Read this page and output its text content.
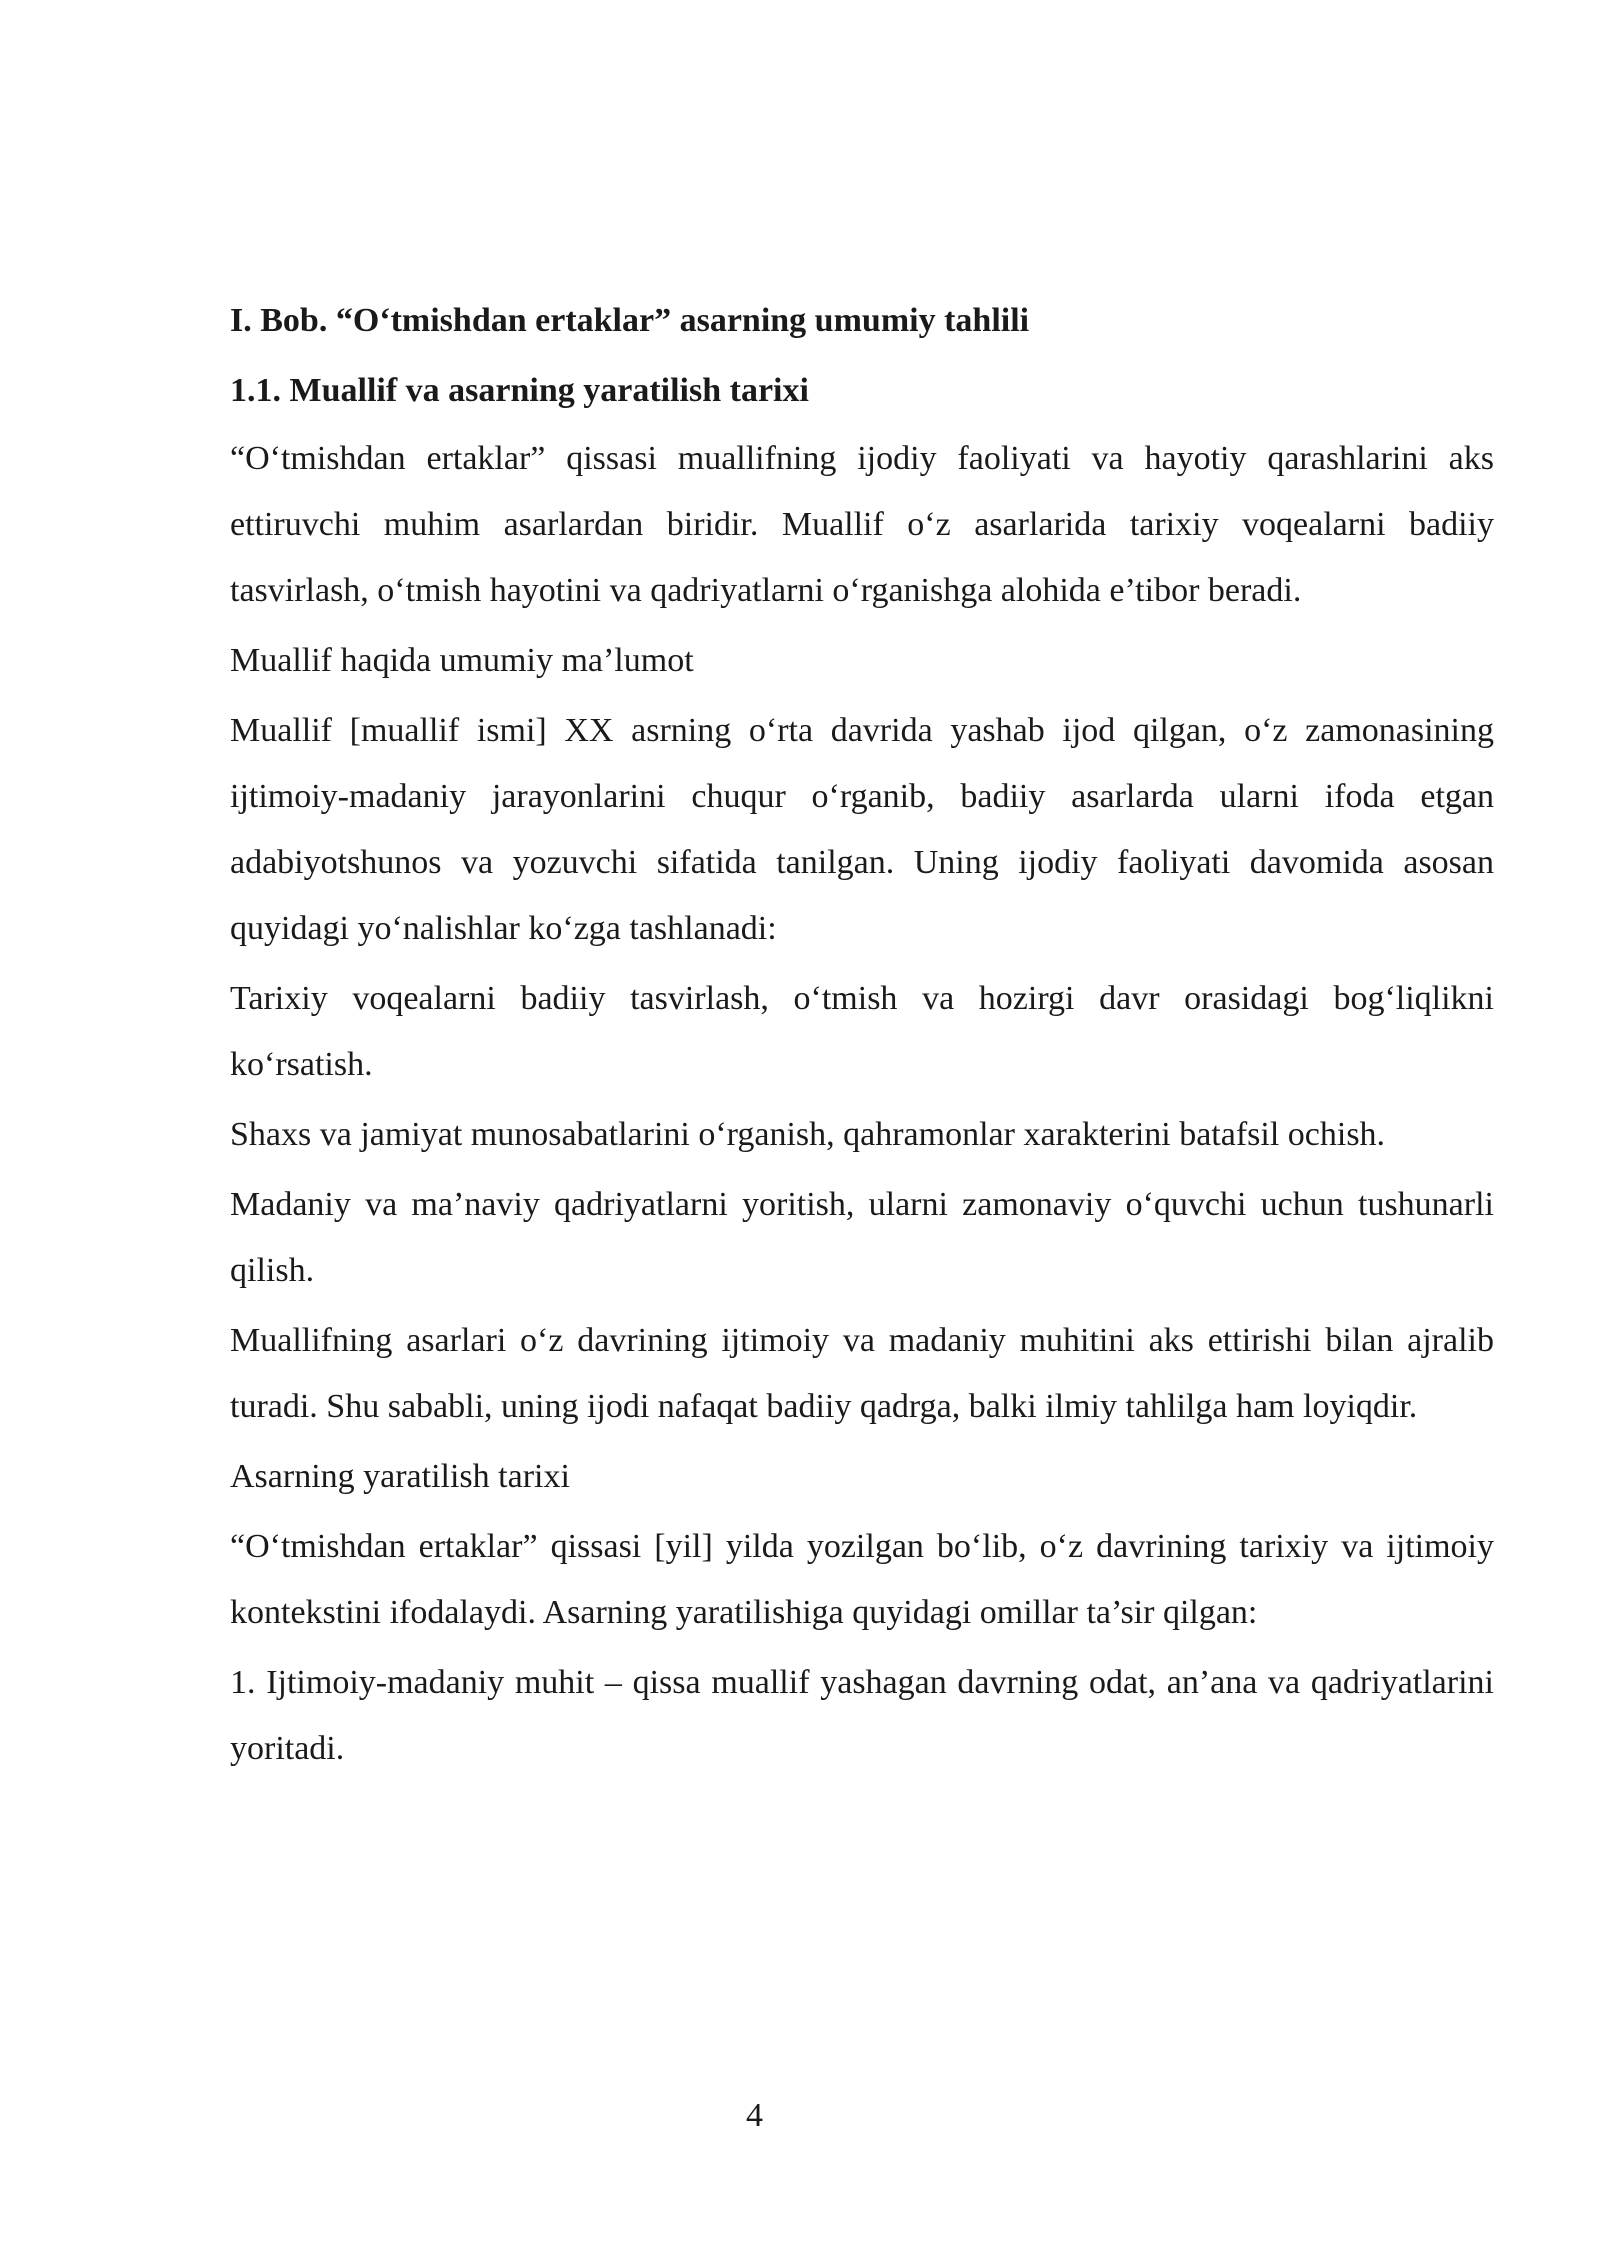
I. Bob. “O‘tmishdan ertaklar” asarning umumiy tahlili
1.1. Muallif va asarning yaratilish tarixi
“O‘tmishdan ertaklar” qissasi muallifning ijodiy faoliyati va hayotiy qarashlarini aks ettiruvchi muhim asarlardan biridir. Muallif o‘z asarlarida tarixiy voqealarni badiiy tasvirlash, o‘tmish hayotini va qadriyatlarni o‘rganishga alohida e’tibor beradi.
Muallif haqida umumiy ma’lumot
Muallif [muallif ismi] XX asrning o‘rta davrida yashab ijod qilgan, o‘z zamonasining ijtimoiy-madaniy jarayonlarini chuqur o‘rganib, badiiy asarlarda ularni ifoda etgan adabiyotshunos va yozuvchi sifatida tanilgan. Uning ijodiy faoliyati davomida asosan quyidagi yo‘nalishlar ko‘zga tashlanadi:
Tarixiy voqealarni badiiy tasvirlash, o‘tmish va hozirgi davr orasidagi bog‘liqlikni ko‘rsatish.
Shaxs va jamiyat munosabatlarini o‘rganish, qahramonlar xarakterini batafsil ochish.
Madaniy va ma’naviy qadriyatlarni yoritish, ularni zamonaviy o‘quvchi uchun tushunarli qilish.
Muallifning asarlari o‘z davrining ijtimoiy va madaniy muhitini aks ettirishi bilan ajralib turadi. Shu sababli, uning ijodi nafaqat badiiy qadrga, balki ilmiy tahlilga ham loyiqdir.
Asarning yaratilish tarixi
“O‘tmishdan ertaklar” qissasi [yil] yilda yozilgan bo‘lib, o‘z davrining tarixiy va ijtimoiy kontekstini ifodalaydi. Asarning yaratilishiga quyidagi omillar ta’sir qilgan:
1. Ijtimoiy-madaniy muhit – qissa muallif yashagan davrning odat, an’ana va qadriyatlarini yoritadi.
4
